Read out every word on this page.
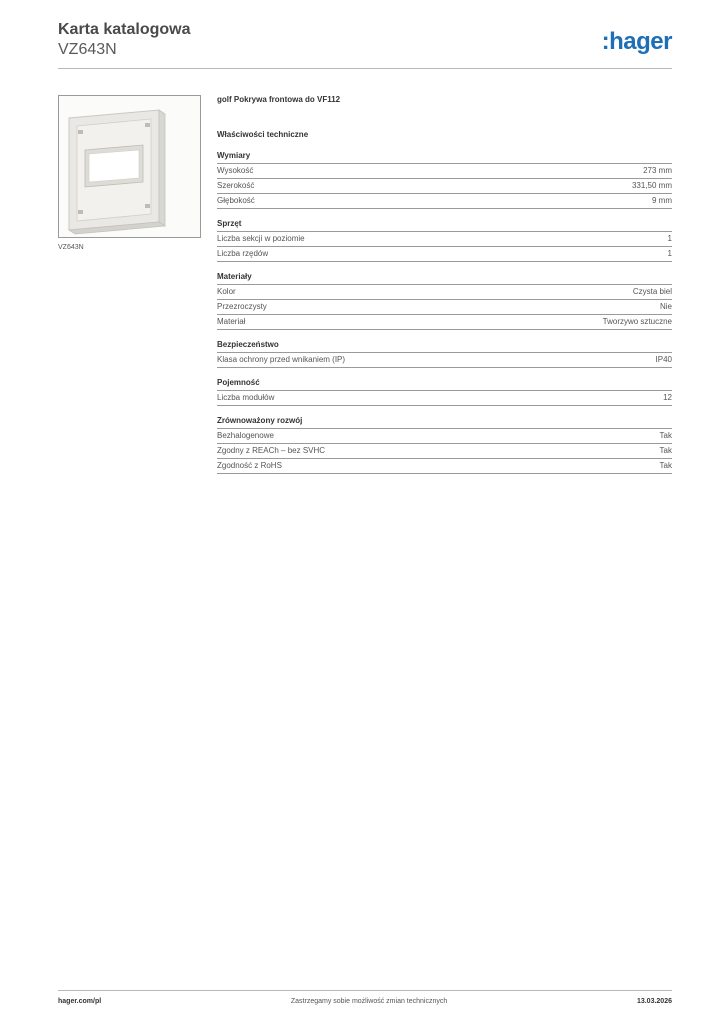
Karta katalogowa
VZ643N	:hager
VZ643N
golf Pokrywa frontowa do VF112
Właściwości techniczne
Wymiary
Wysokość	273 mm
Szerokość	331,50 mm
Głębokość	9 mm
Sprzęt
Liczba sekcji w poziomie	1
Liczba rzędów	1
Materiały
Kolor	Czysta biel
Przezroczysty	Nie
Materiał	Tworzywo sztuczne
Bezpieczeństwo
Klasa ochrony przed wnikaniem (IP)	IP40
Pojemność
Liczba modułów	12
Zrównoważony rozwój
Bezhalogenowe	Tak
Zgodny z REACh – bez SVHC	Tak
Zgodność z RoHS	Tak
hager.com/pl	Zastrzegamy sobie możliwość zmian technicznych	13.03.2026
